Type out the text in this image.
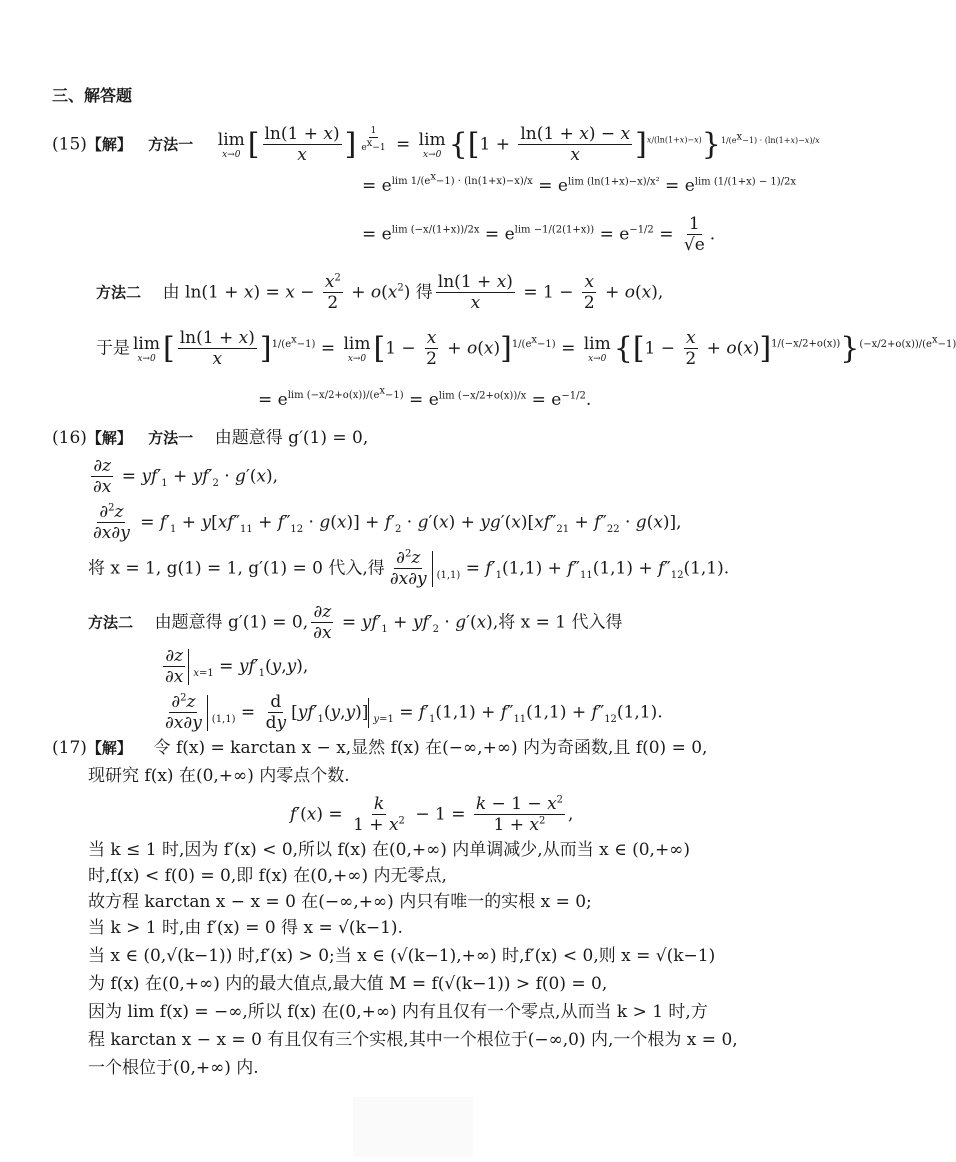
三、解答题
(15)【解】 方法一 lim
x→0 [ $\frac{\ln(1 + x)}{x}$ ] $^{\frac{1}{e^x-1}}$ = lim
x→0 $\{[1 + \frac{\ln(1 + x) - x}{x} ]^{x/(ln(1+x)-x)}\}^{1/(e^x-1) \cdot (ln(1+x)-x)/x}$
= $e^{lim 1/(e^x-1) \cdot (ln(1+x)-x)/x} = e^{lim (ln(1+x)-x)/x^2} = e^{lim (1/(1+x) - 1)/2x}$
= $e^{lim (-x/(1+x))/2x} = e^{lim -1/(2(1+x))} = e^{-1/2} = \frac{1}{√e}$ .
方法二    由 $\ln(1 + x) = x - \frac{x^2}{2} + o(x^2)$ 得 $\frac{\ln(1 + x)}{x} = 1 - \frac{x}{2} + o(x)$,
于是 lim
x→0 [ $\frac{\ln(1 + x)}{x} ]^{1/(e^x-1)} = \lim$
x→0 $[1 - \frac{x}{2} + o(x)]^{1/(e^x-1)} = \lim$
x→0 $\{[1 - \frac{x}{2} + o(x)]^{1/(-x/2+o(x))}\}^{(-x/2+o(x))/(e^x-1)}$
= $e^{lim (-x/2+o(x))/(e^x-1)} = e^{lim (-x/2+o(x))/x} = e^{-1/2}$.
(16)【解】 方法一 由题意得 g′(1) = 0,
$\frac{\partial z}{\partial x} = yf'_1 + yf'_2 \cdot g'(x)$,
$\frac{\partial^2z}{\partial x\partial y} = f'_1 + y[xf''_{11} + f''_{12} \cdot g(x)] + f'_2 \cdot g'(x) + yg'(x)[xf''_{21} + f''_{22} \cdot g(x)]$,
将 x = 1, g(1) = 1, g′(1) = 0 代入,得 $\frac{\partial^2z}{\partial x\partial y} _{(1,1)} = f'_1(1,1) + f''_{11}(1,1) + f''_{12}(1,1)$.
方法二 由题意得 g′(1) = 0, $\frac{\partial z}{\partial x} = yf'_1 + yf'_2 \cdot g'(x)$,将 x = 1 代入得
$\frac{\partial z}{\partial x} _{x=1} = yf'_1(y,y)$,
$\frac{\partial^2z}{\partial x\partial y} _{(1,1)} = \frac{d}{dy} [yf'_1(y,y)] _{y=1} = f'_1(1,1) + f''_{11}(1,1) + f''_{12}(1,1)$.
(17)【解】 令 f(x) = karctan x − x,显然 f(x) 在(−∞,+∞) 内为奇函数,且 f(0) = 0,
现研究 f(x) 在(0,+∞) 内零点个数.
$f'(x) = \frac{k}{1 + x^2} - 1 = \frac{k - 1 - x^2}{1 + x^2}$ ,
当 k ≤ 1 时,因为 f′(x) < 0,所以 f(x) 在(0,+∞) 内单调减少,从而当 x ∈ (0,+∞)
时,f(x) < f(0) = 0,即 f(x) 在(0,+∞) 内无零点,
故方程 karctan x − x = 0 在(−∞,+∞) 内只有唯一的实根 x = 0;
当 k > 1 时,由 f′(x) = 0 得 x = √(k−1).
当 x ∈ (0,√(k−1)) 时,f′(x) > 0;当 x ∈ (√(k−1),+∞) 时,f′(x) < 0,则 x = √(k−1)
为 f(x) 在(0,+∞) 内的最大值点,最大值 M = f(√(k−1)) > f(0) = 0,
因为 lim f(x) = −∞,所以 f(x) 在(0,+∞) 内有且仅有一个零点,从而当 k > 1 时,方
程 karctan x − x = 0 有且仅有三个实根,其中一个根位于(−∞,0) 内,一个根为 x = 0,
一个根位于(0,+∞) 内.
